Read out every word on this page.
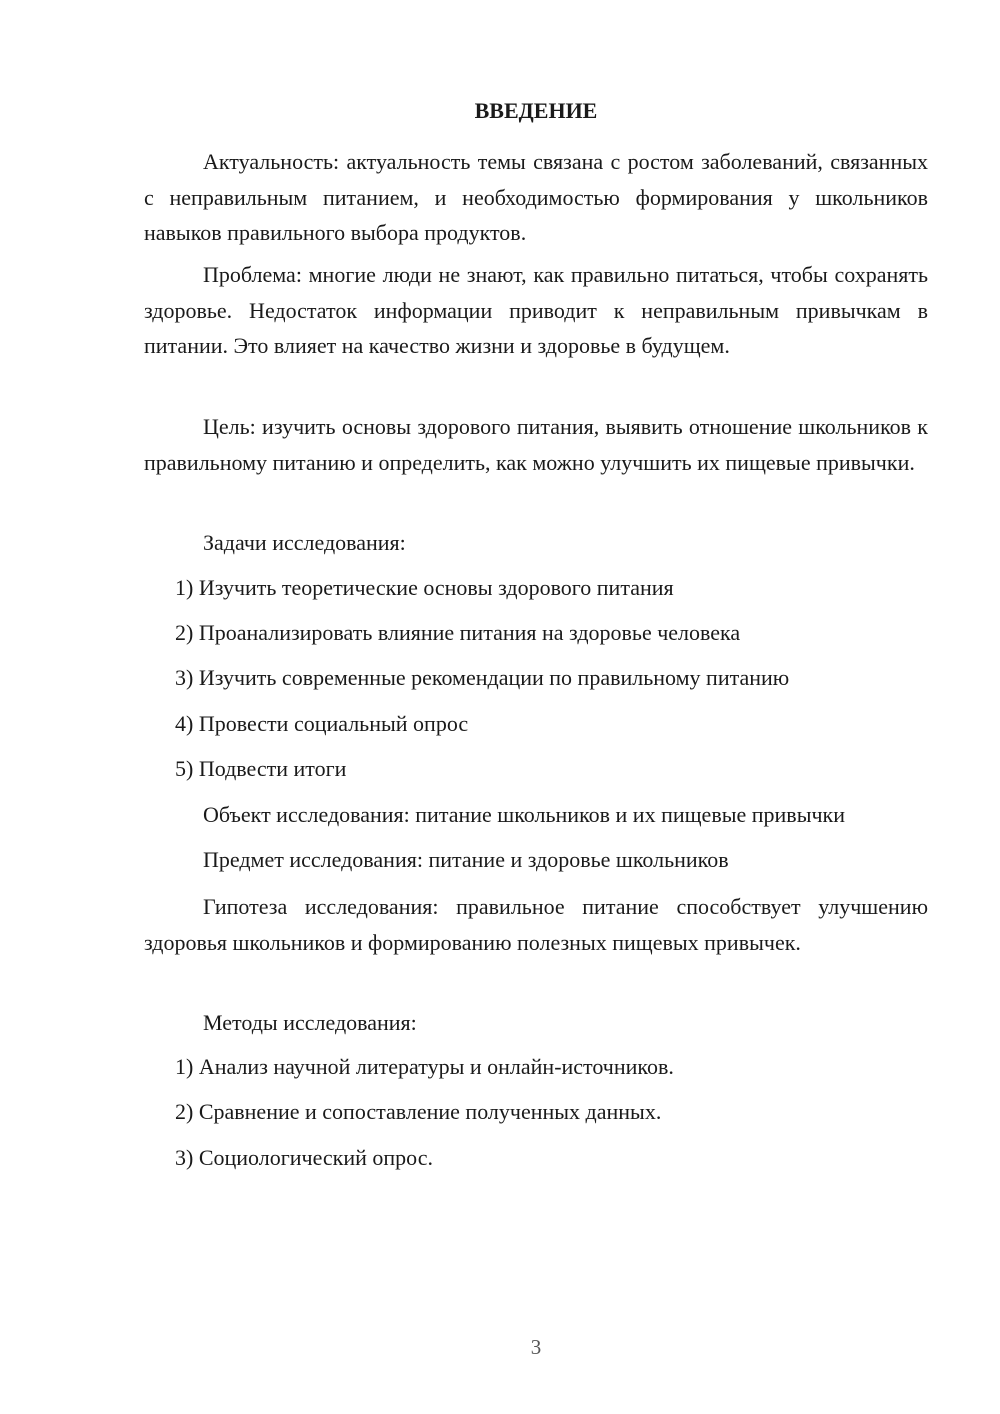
ВВЕДЕНИЕ

Актуальность: актуальность темы связана с ростом заболеваний, связанных с неправильным питанием, и необходимостью формирования у школьников навыков правильного выбора продуктов.

Проблема: многие люди не знают, как правильно питаться, чтобы сохранять здоровье. Недостаток информации приводит к неправильным привычкам в питании. Это влияет на качество жизни и здоровье в будущем.

Цель: изучить основы здорового питания, выявить отношение школьников к правильному питанию и определить, как можно улучшить их пищевые привычки.

Задачи исследования:
1) Изучить теоретические основы здорового питания
2) Проанализировать влияние питания на здоровье человека
3) Изучить современные рекомендации по правильному питанию
4) Провести социальный опрос
5) Подвести итоги
Объект исследования: питание школьников и их пищевые привычки
Предмет исследования: питание и здоровье школьников

Гипотеза исследования: правильное питание способствует улучшению здоровья школьников и формированию полезных пищевых привычек.

Методы исследования:
1) Анализ научной литературы и онлайн-источников.
2) Сравнение и сопоставление полученных данных.
3) Социологический опрос.
3
